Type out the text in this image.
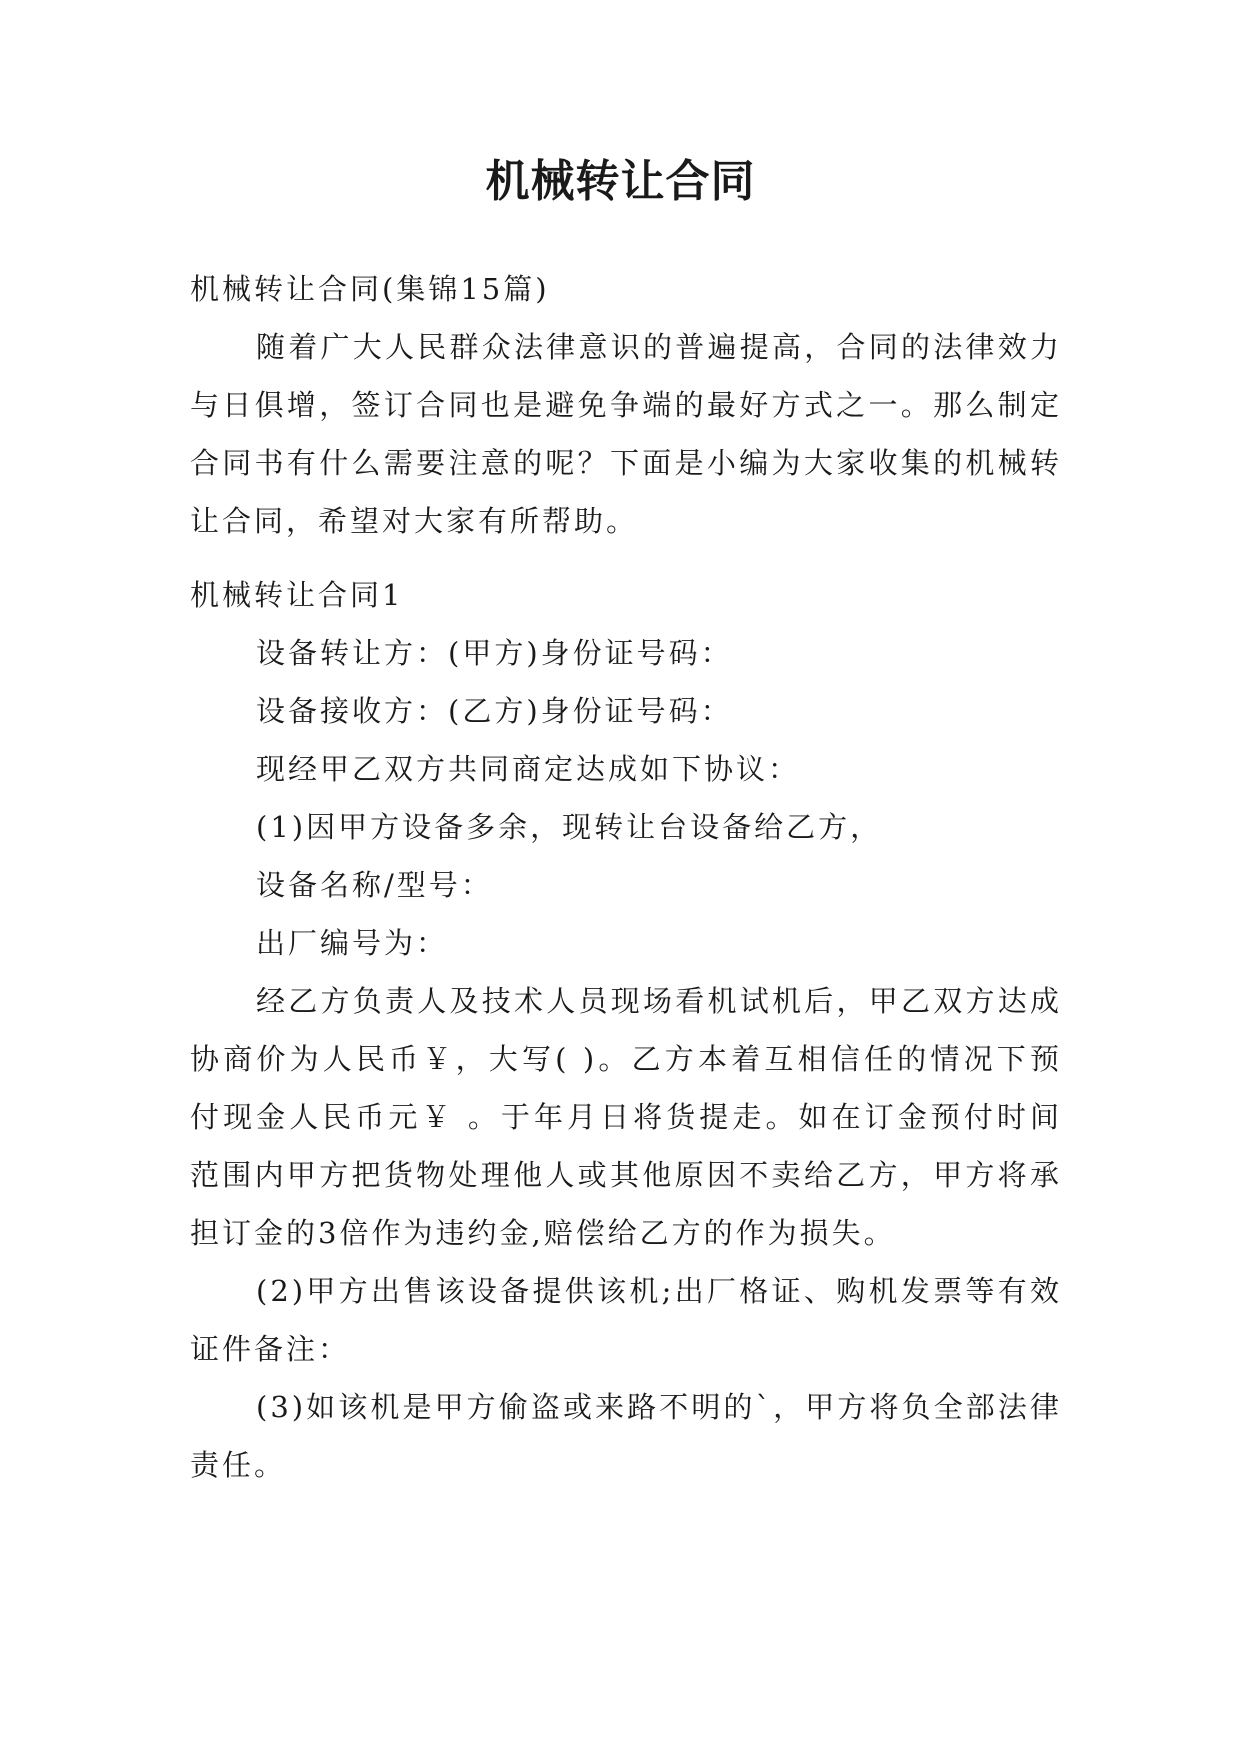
机械转让合同

机械转让合同(集锦15篇)

随着广大人民群众法律意识的普遍提高，合同的法律效力与日俱增，签订合同也是避免争端的最好方式之一。那么制定合同书有什么需要注意的呢？下面是小编为大家收集的机械转让合同，希望对大家有所帮助。

机械转让合同1

设备转让方：(甲方)身份证号码：

设备接收方：(乙方)身份证号码：

现经甲乙双方共同商定达成如下协议：

(1)因甲方设备多余，现转让台设备给乙方，

设备名称/型号：

出厂编号为：

经乙方负责人及技术人员现场看机试机后，甲乙双方达成协商价为人民币￥，大写( )。乙方本着互相信任的情况下预付现金人民币元￥ 。于年月日将货提走。如在订金预付时间范围内甲方把货物处理他人或其他原因不卖给乙方，甲方将承担订金的3倍作为违约金,赔偿给乙方的作为损失。

(2)甲方出售该设备提供该机;出厂格证、购机发票等有效证件备注：

(3)如该机是甲方偷盗或来路不明的`，甲方将负全部法律责任。
